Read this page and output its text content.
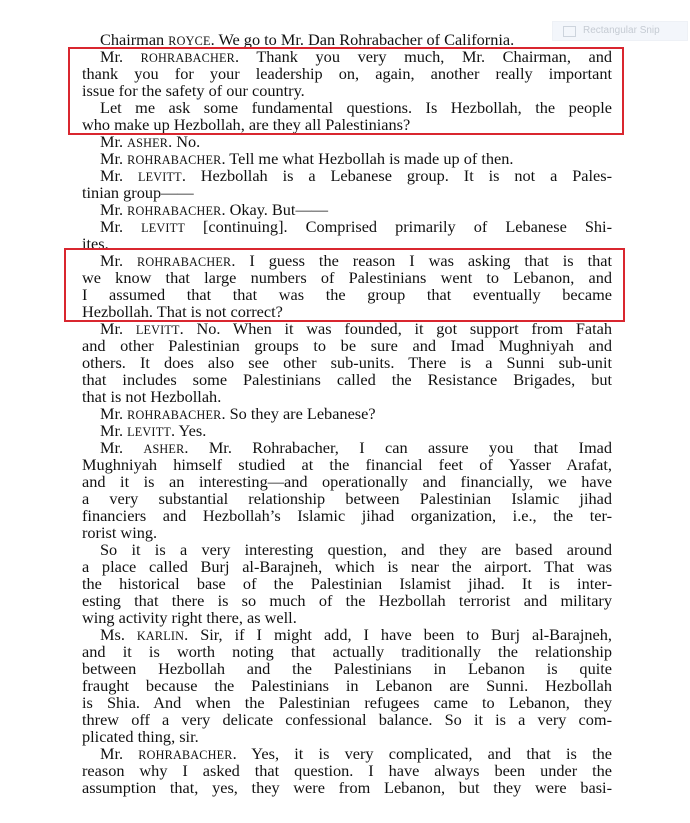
Rectangular Snip
Chairman ROYCE. We go to Mr. Dan Rohrabacher of California.
Mr. ROHRABACHER. Thank you very much, Mr. Chairman, and
thank you for your leadership on, again, another really important
issue for the safety of our country.
Let me ask some fundamental questions. Is Hezbollah, the people
who make up Hezbollah, are they all Palestinians?
Mr. ASHER. No.
Mr. ROHRABACHER. Tell me what Hezbollah is made up of then.
Mr. LEVITT. Hezbollah is a Lebanese group. It is not a Pales-
tinian group——
Mr. ROHRABACHER. Okay. But——
Mr. LEVITT [continuing]. Comprised primarily of Lebanese Shi-
ites.
Mr. ROHRABACHER. I guess the reason I was asking that is that
we know that large numbers of Palestinians went to Lebanon, and
I assumed that that was the group that eventually became
Hezbollah. That is not correct?
Mr. LEVITT. No. When it was founded, it got support from Fatah
and other Palestinian groups to be sure and Imad Mughniyah and
others. It does also see other sub-units. There is a Sunni sub-unit
that includes some Palestinians called the Resistance Brigades, but
that is not Hezbollah.
Mr. ROHRABACHER. So they are Lebanese?
Mr. LEVITT. Yes.
Mr. ASHER. Mr. Rohrabacher, I can assure you that Imad
Mughniyah himself studied at the financial feet of Yasser Arafat,
and it is an interesting—and operationally and financially, we have
a very substantial relationship between Palestinian Islamic jihad
financiers and Hezbollah’s Islamic jihad organization, i.e., the ter-
rorist wing.
So it is a very interesting question, and they are based around
a place called Burj al-Barajneh, which is near the airport. That was
the historical base of the Palestinian Islamist jihad. It is inter-
esting that there is so much of the Hezbollah terrorist and military
wing activity right there, as well.
Ms. KARLIN. Sir, if I might add, I have been to Burj al-Barajneh,
and it is worth noting that actually traditionally the relationship
between Hezbollah and the Palestinians in Lebanon is quite
fraught because the Palestinians in Lebanon are Sunni. Hezbollah
is Shia. And when the Palestinian refugees came to Lebanon, they
threw off a very delicate confessional balance. So it is a very com-
plicated thing, sir.
Mr. ROHRABACHER. Yes, it is very complicated, and that is the
reason why I asked that question. I have always been under the
assumption that, yes, they were from Lebanon, but they were basi-
